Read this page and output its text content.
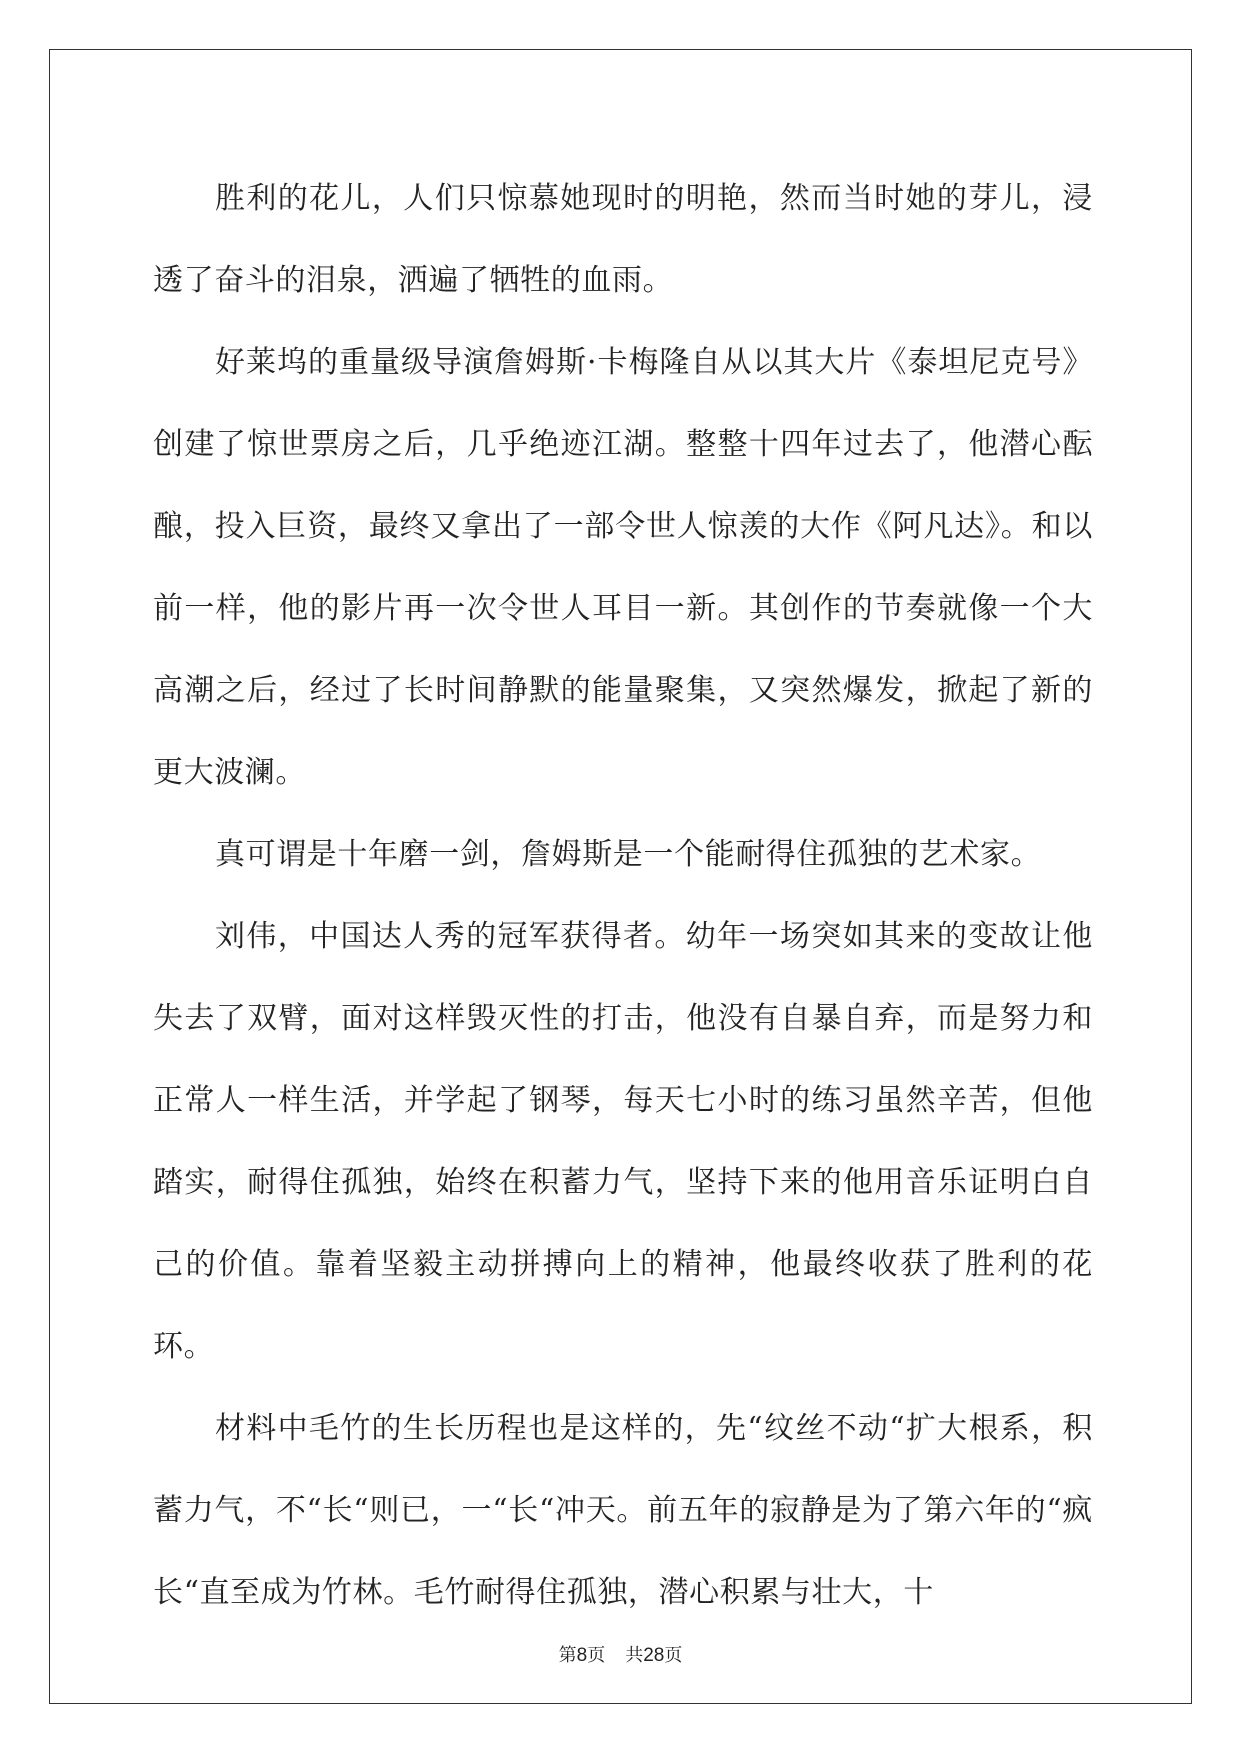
胜利的花儿，人们只惊慕她现时的明艳，然而当时她的芽儿，浸透了奋斗的泪泉，洒遍了牺牲的血雨。

好莱坞的重量级导演詹姆斯·卡梅隆自从以其大片《泰坦尼克号》创建了惊世票房之后，几乎绝迹江湖。整整十四年过去了，他潜心酝酿，投入巨资，最终又拿出了一部令世人惊羡的大作《阿凡达》。和以前一样，他的影片再一次令世人耳目一新。其创作的节奏就像一个大高潮之后，经过了长时间静默的能量聚集，又突然爆发，掀起了新的更大波澜。

真可谓是十年磨一剑，詹姆斯是一个能耐得住孤独的艺术家。

刘伟，中国达人秀的冠军获得者。幼年一场突如其来的变故让他失去了双臂，面对这样毁灭性的打击，他没有自暴自弃，而是努力和正常人一样生活，并学起了钢琴，每天七小时的练习虽然辛苦，但他踏实，耐得住孤独，始终在积蓄力气，坚持下来的他用音乐证明白自己的价值。靠着坚毅主动拼搏向上的精神，他最终收获了胜利的花环。

材料中毛竹的生长历程也是这样的，先“纹丝不动“扩大根系，积蓄力气，不“长“则已，一“长“冲天。前五年的寂静是为了第六年的“疯长“直至成为竹林。毛竹耐得住孤独，潜心积累与壮大，十

第8页 共28页
